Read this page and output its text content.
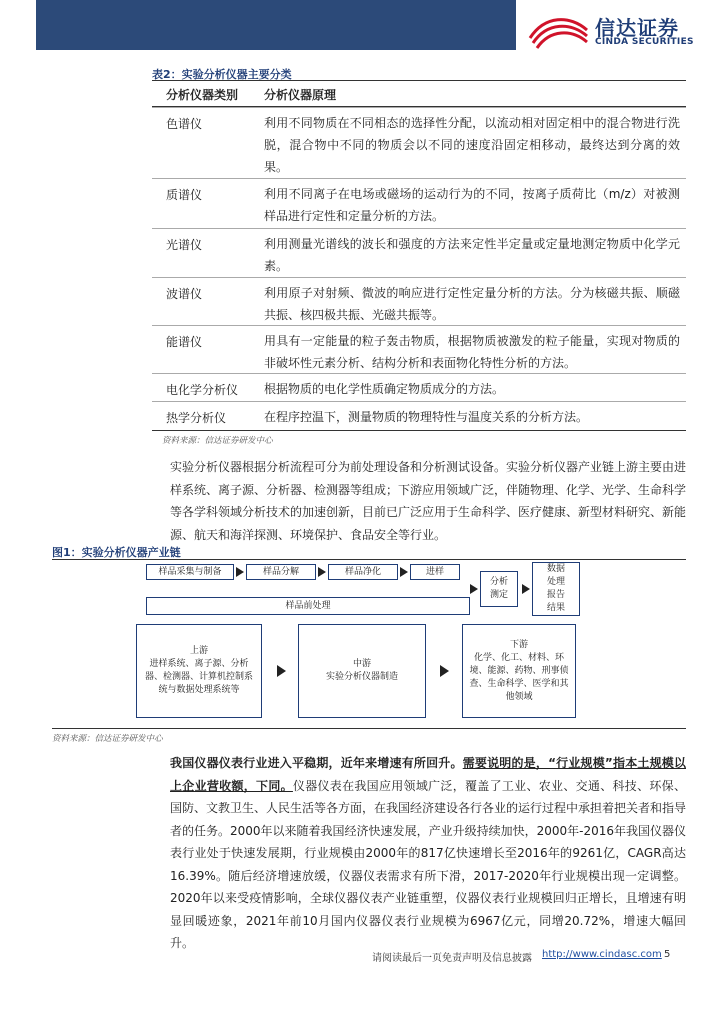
信达证券
CINDA SECURITIES
表2：实验分析仪器主要分类
分析仪器类别 分析仪器原理
色谱仪	利用不同物质在不同相态的选择性分配，以流动相对固定相中的混合物进行洗脱，混合物中不同的物质会以不同的速度沿固定相移动，最终达到分离的效果。
质谱仪	利用不同离子在电场或磁场的运动行为的不同，按离子质荷比（m/z）对被测样品进行定性和定量分析的方法。
光谱仪	利用测量光谱线的波长和强度的方法来定性半定量或定量地测定物质中化学元素。
波谱仪	利用原子对射频、微波的响应进行定性定量分析的方法。分为核磁共振、顺磁共振、核四极共振、光磁共振等。
能谱仪	用具有一定能量的粒子轰击物质，根据物质被激发的粒子能量，实现对物质的非破坏性元素分析、结构分析和表面物化特性分析的方法。
电化学分析仪 根据物质的电化学性质确定物质成分的方法。
热学分析仪	在程序控温下，测量物质的物理特性与温度关系的分析方法。
资料来源：信达证券研发中心
实验分析仪器根据分析流程可分为前处理设备和分析测试设备。实验分析仪器产业链上游主要由进样系统、离子源、分析器、检测器等组成；下游应用领域广泛，伴随物理、化学、光学、生命科学等各学科领域分析技术的加速创新，目前已广泛应用于生命科学、医疗健康、新型材料研究、新能源、航天和海洋探测、环境保护、食品安全等行业。
图1：实验分析仪器产业链
样品采集与制备	样品分解	样品净化	进样
分析测定
数据处理报告结果
样品前处理
上游
进样系统、离子源、分析器、检测器、计算机控制系统与数据处理系统等
中游
实验分析仪器制造
下游
化学、化工、材料、环境、能源、药物、刑事侦查、生命科学、医学和其他领域
资料来源：信达证券研发中心
我国仪器仪表行业进入平稳期，近年来增速有所回升。需要说明的是，“行业规模”指本土规模以上企业营收额，下同。仪器仪表在我国应用领域广泛，覆盖了工业、农业、交通、科技、环保、国防、文教卫生、人民生活等各方面，在我国经济建设各行各业的运行过程中承担着把关者和指导者的任务。2000年以来随着我国经济快速发展，产业升级持续加快，2000年-2016年我国仪器仪表行业处于快速发展期，行业规模由2000年的817亿快速增长至2016年的9261亿，CAGR高达16.39%。随后经济增速放缓，仪器仪表需求有所下滑，2017-2020年行业规模出现一定调整。2020年以来受疫情影响，全球仪器仪表产业链重塑，仪器仪表行业规模回归正增长，且增速有明显回暖迹象，2021年前10月国内仪器仪表行业规模为6967亿元，同增20.72%，增速大幅回升。
请阅读最后一页免责声明及信息披露 http://www.cindasc.com 5
